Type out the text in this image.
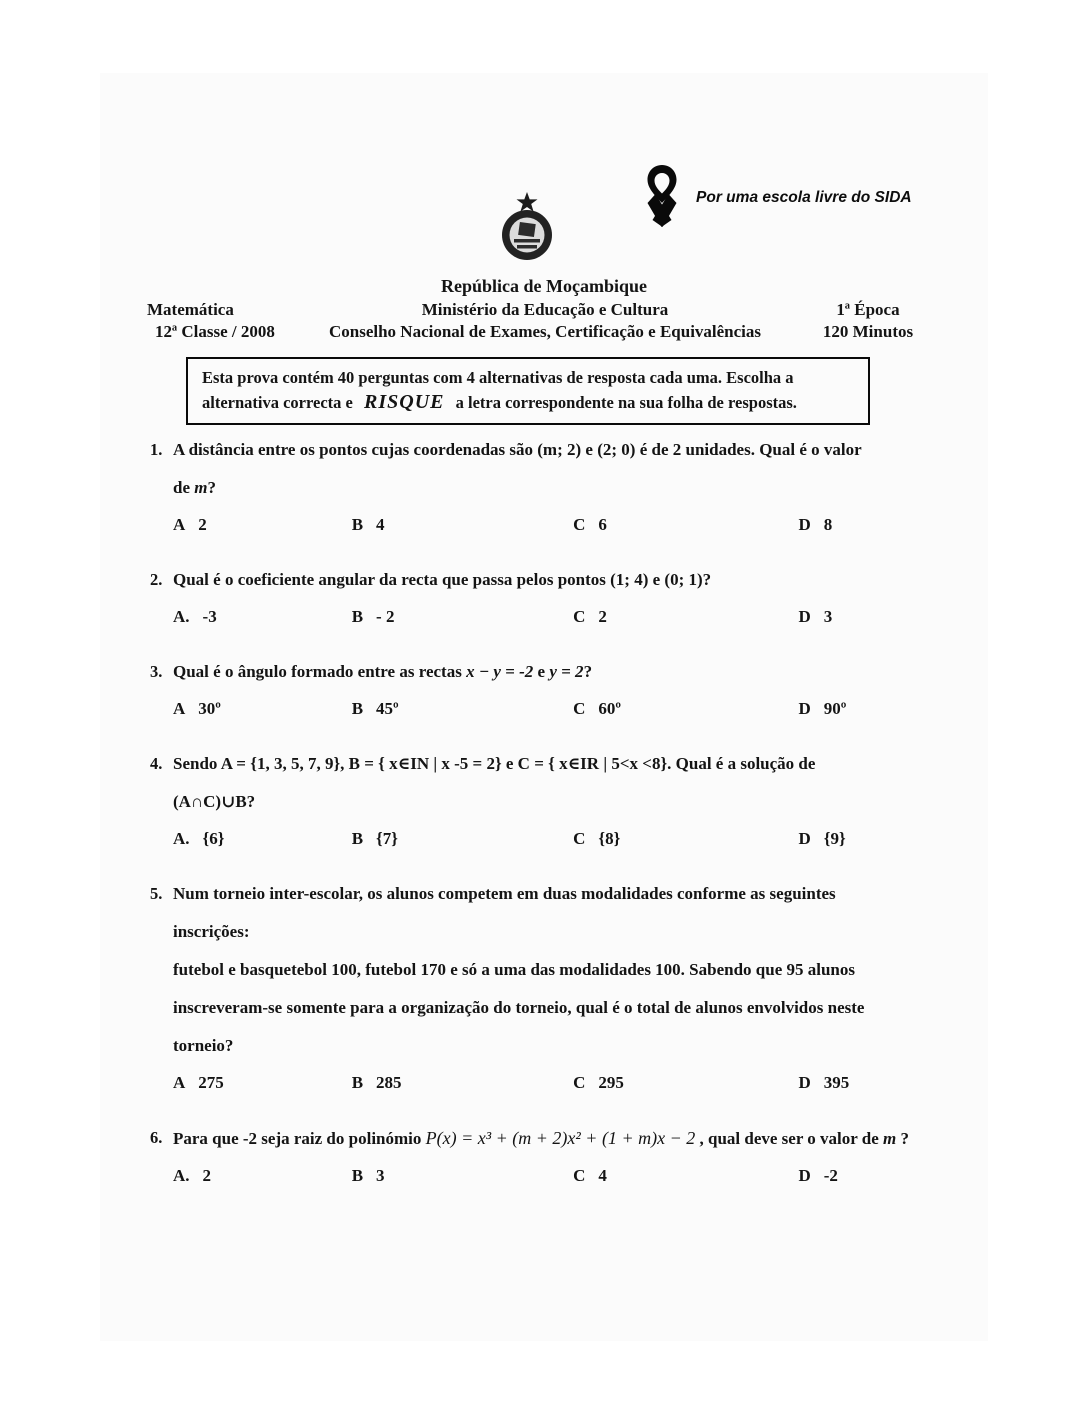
Por uma escola livre do SIDA
República de Moçambique
Matemática
12ª Classe / 2008
Ministério da Educação e Cultura
Conselho Nacional de Exames, Certificação e Equivalências
1ª Época
120 Minutos
Esta prova contém 40 perguntas com 4 alternativas de resposta cada uma. Escolha a
alternativa correcta e RISQUE a letra correspondente na sua folha de respostas.
1. A distância entre os pontos cujas coordenadas são (m; 2) e (2; 0) é de 2 unidades. Qual é o valor
de m?
A 2	B 4	C 6	D 8
2. Qual é o coeficiente angular da recta que passa pelos pontos (1; 4) e (0; 1)?
A. -3	B - 2	C 2	D 3
3. Qual é o ângulo formado entre as rectas x − y = -2 e y = 2?
A 30º	B 45º	C 60º	D 90º
4. Sendo A = {1, 3, 5, 7, 9}, B = { x∈IN | x -5 = 2} e C = { x∈IR | 5<x <8}. Qual é a solução de
(A∩C)∪B?
A. {6}	B {7}	C {8}	D {9}
5. Num torneio inter-escolar, os alunos competem em duas modalidades conforme as seguintes
inscrições:
futebol e basquetebol 100, futebol 170 e só a uma das modalidades 100. Sabendo que 95 alunos
inscreveram-se somente para a organização do torneio, qual é o total de alunos envolvidos neste
torneio?
A 275	B 285	C 295	D 395
6. Para que -2 seja raiz do polinómio P(x) = x³ + (m + 2)x² + (1 + m)x − 2 , qual deve ser o valor de m ?
A. 2	B 3	C 4	D -2
